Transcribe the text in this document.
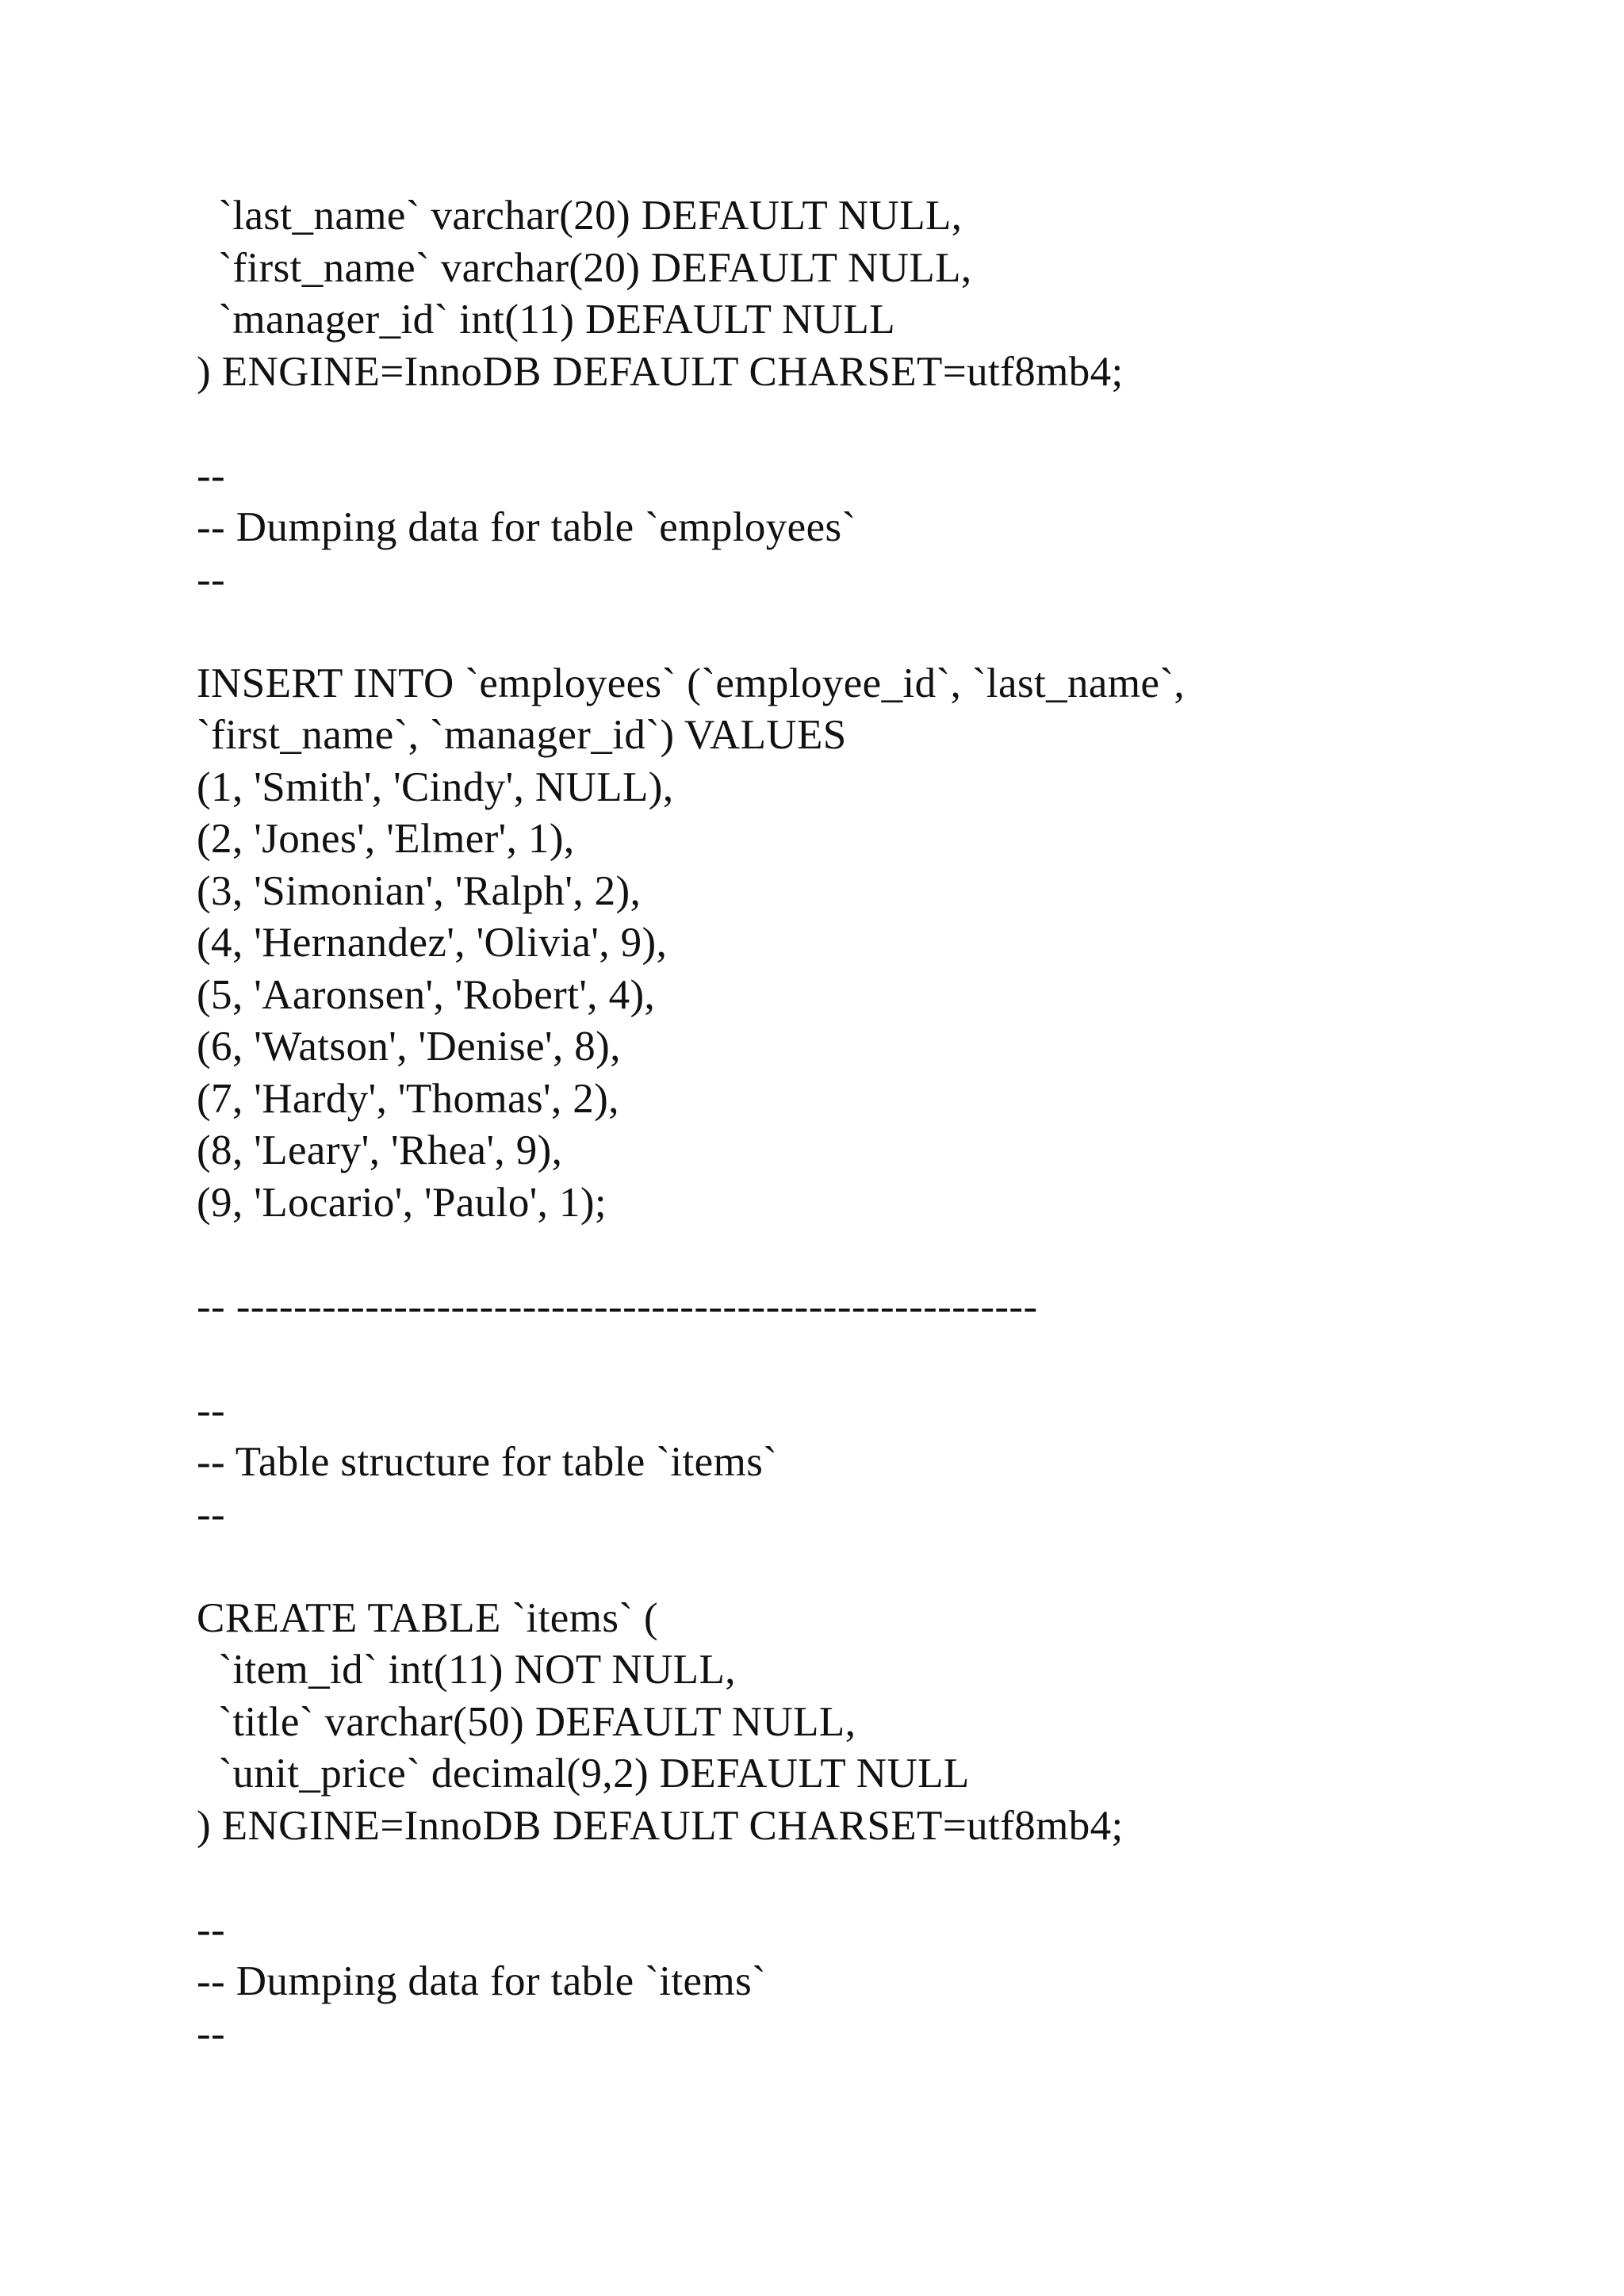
`last_name` varchar(20) DEFAULT NULL,
`first_name` varchar(20) DEFAULT NULL,
`manager_id` int(11) DEFAULT NULL
) ENGINE=InnoDB DEFAULT CHARSET=utf8mb4;
--
-- Dumping data for table `employees`
--
INSERT INTO `employees` (`employee_id`, `last_name`,
`first_name`, `manager_id`) VALUES
(1, 'Smith', 'Cindy', NULL),
(2, 'Jones', 'Elmer', 1),
(3, 'Simonian', 'Ralph', 2),
(4, 'Hernandez', 'Olivia', 9),
(5, 'Aaronsen', 'Robert', 4),
(6, 'Watson', 'Denise', 8),
(7, 'Hardy', 'Thomas', 2),
(8, 'Leary', 'Rhea', 9),
(9, 'Locario', 'Paulo', 1);
-- --------------------------------------------------------
--
-- Table structure for table `items`
--
CREATE TABLE `items` (
`item_id` int(11) NOT NULL,
`title` varchar(50) DEFAULT NULL,
`unit_price` decimal(9,2) DEFAULT NULL
) ENGINE=InnoDB DEFAULT CHARSET=utf8mb4;
--
-- Dumping data for table `items`
--
